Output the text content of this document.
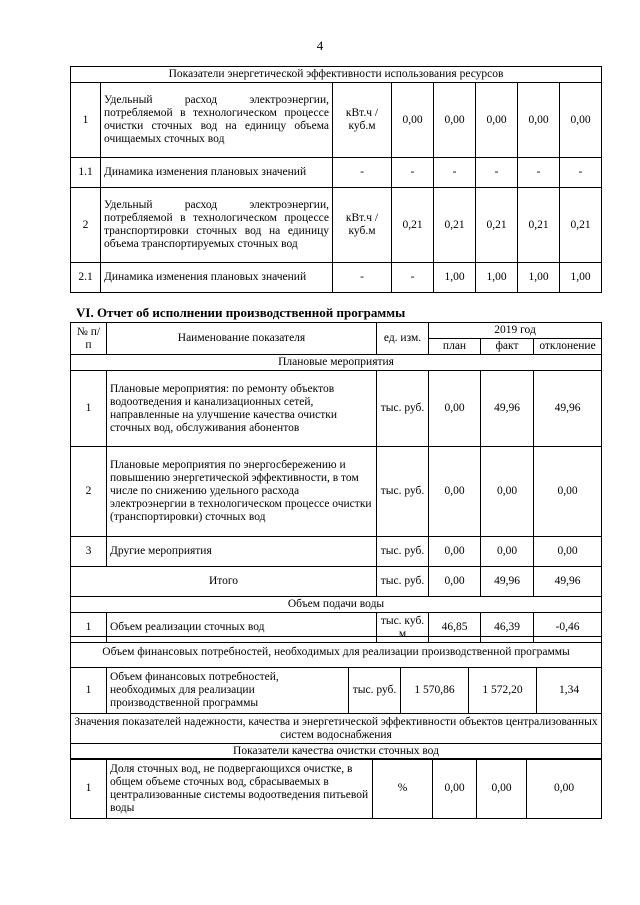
4
Показатели энергетической эффективности использования ресурсов							
1	Удельный расход электроэнергии, потребляемой в технологическом процессе очистки сточных вод на единицу объема очищаемых сточных вод	кВт.ч / куб.м	0,00	0,00	0,00	0,00	0,00
1.1	Динамика изменения плановых значений	-	-	-	-	-	-
2	Удельный расход электроэнергии, потребляемой в технологическом процессе транспортировки сточных вод на единицу объема транспортируемых сточных вод	кВт.ч / куб.м	0,21	0,21	0,21	0,21	0,21
2.1	Динамика изменения плановых значений	-	-	1,00	1,00	1,00	1,00
VI. Отчет об исполнении производственной программы
№ п/п	Наименование показателя	ед. изм.	2019 год		
			план	факт	отклонение
Плановые мероприятия					
1	Плановые мероприятия: по ремонту объектов водоотведения и канализационных сетей, направленные на улучшение качества очистки сточных вод, обслуживания абонентов	тыс. руб.	0,00	49,96	49,96
2	Плановые мероприятия по энергосбережению и повышению энергетической эффективности, в том числе по снижению удельного расхода электроэнергии в технологическом процессе очистки (транспортировки) сточных вод	тыс. руб.	0,00	0,00	0,00
3	Другие мероприятия	тыс. руб.	0,00	0,00	0,00
Итого		тыс. руб.	0,00	49,96	49,96
Объем подачи воды					
1	Объем реализации сточных вод	тыс. куб. м	46,85	46,39	-0,46
Объем финансовых потребностей, необходимых для реализации производственной программы
1	Объем финансовых потребностей, необходимых для реализации производственной программы	тыс. руб.	1 570,86	1 572,20	1,34
Значения показателей надежности, качества и энергетической эффективности объектов централизованных систем водоснабжения
Показатели качества очистки сточных вод
1	Доля сточных вод, не подвергающихся очистке, в общем объеме сточных вод, сбрасываемых в централизованные системы водоотведения питьевой воды	%	0,00	0,00	0,00
